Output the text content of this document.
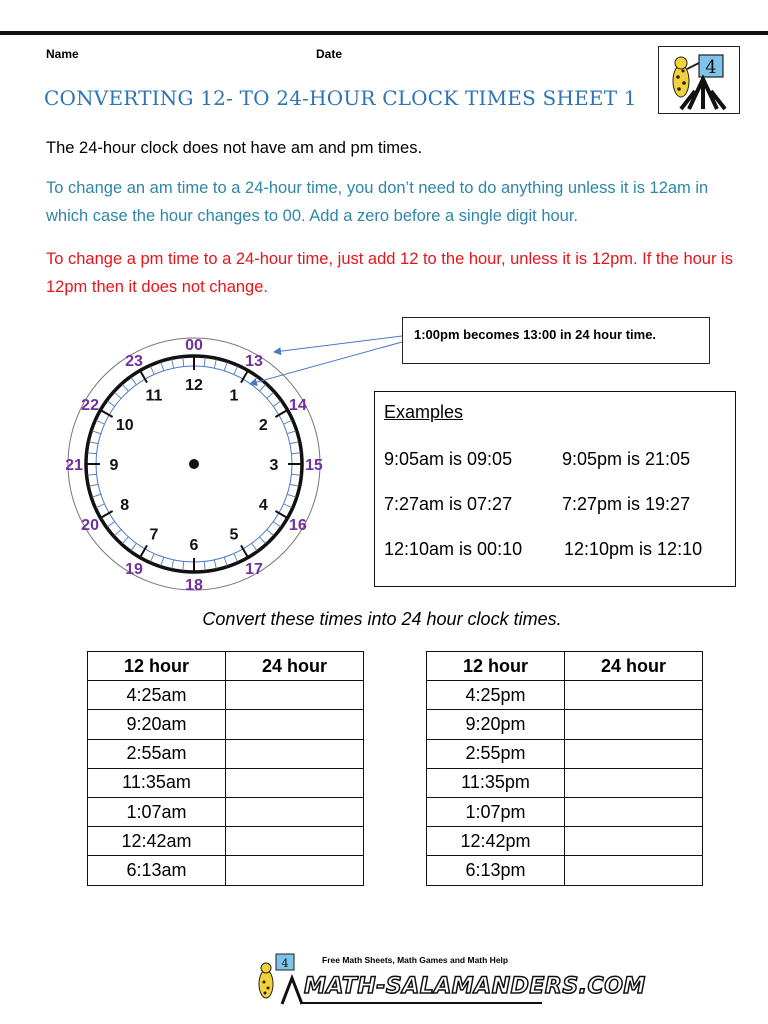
Name	Date
CONVERTING 12- TO 24-HOUR CLOCK TIMES SHEET 1
4
The 24-hour clock does not have am and pm times.
To change an am time to a 24-hour time, you don’t need to do anything unless it is 12am in which case the hour changes to 00. Add a zero before a single digit hour.
To change a pm time to a 24-hour time, just add 12 to the hour, unless it is 12pm. If the hour is 12pm then it does not change.
12
1
2
3
4
5
6
7
8
9
10
11
00
13
14
15
16
17
18
19
20
21
22
23
1:00pm becomes 13:00 in 24 hour time.
Examples
9:05am is 09:05	9:05pm is 21:05
7:27am is 07:27	7:27pm is 19:27
12:10am is 00:10 12:10pm is 12:10
Convert these times into 24 hour clock times.
12 hour	24 hour
4:25am	
9:20am	
2:55am	
11:35am	
1:07am	
12:42am	
6:13am	
12 hour	24 hour
4:25pm	
9:20pm	
2:55pm	
11:35pm	
1:07pm	
12:42pm	
6:13pm	
4	Free Math Sheets, Math Games and Math Help
MATH-SALAMANDERS.COM
